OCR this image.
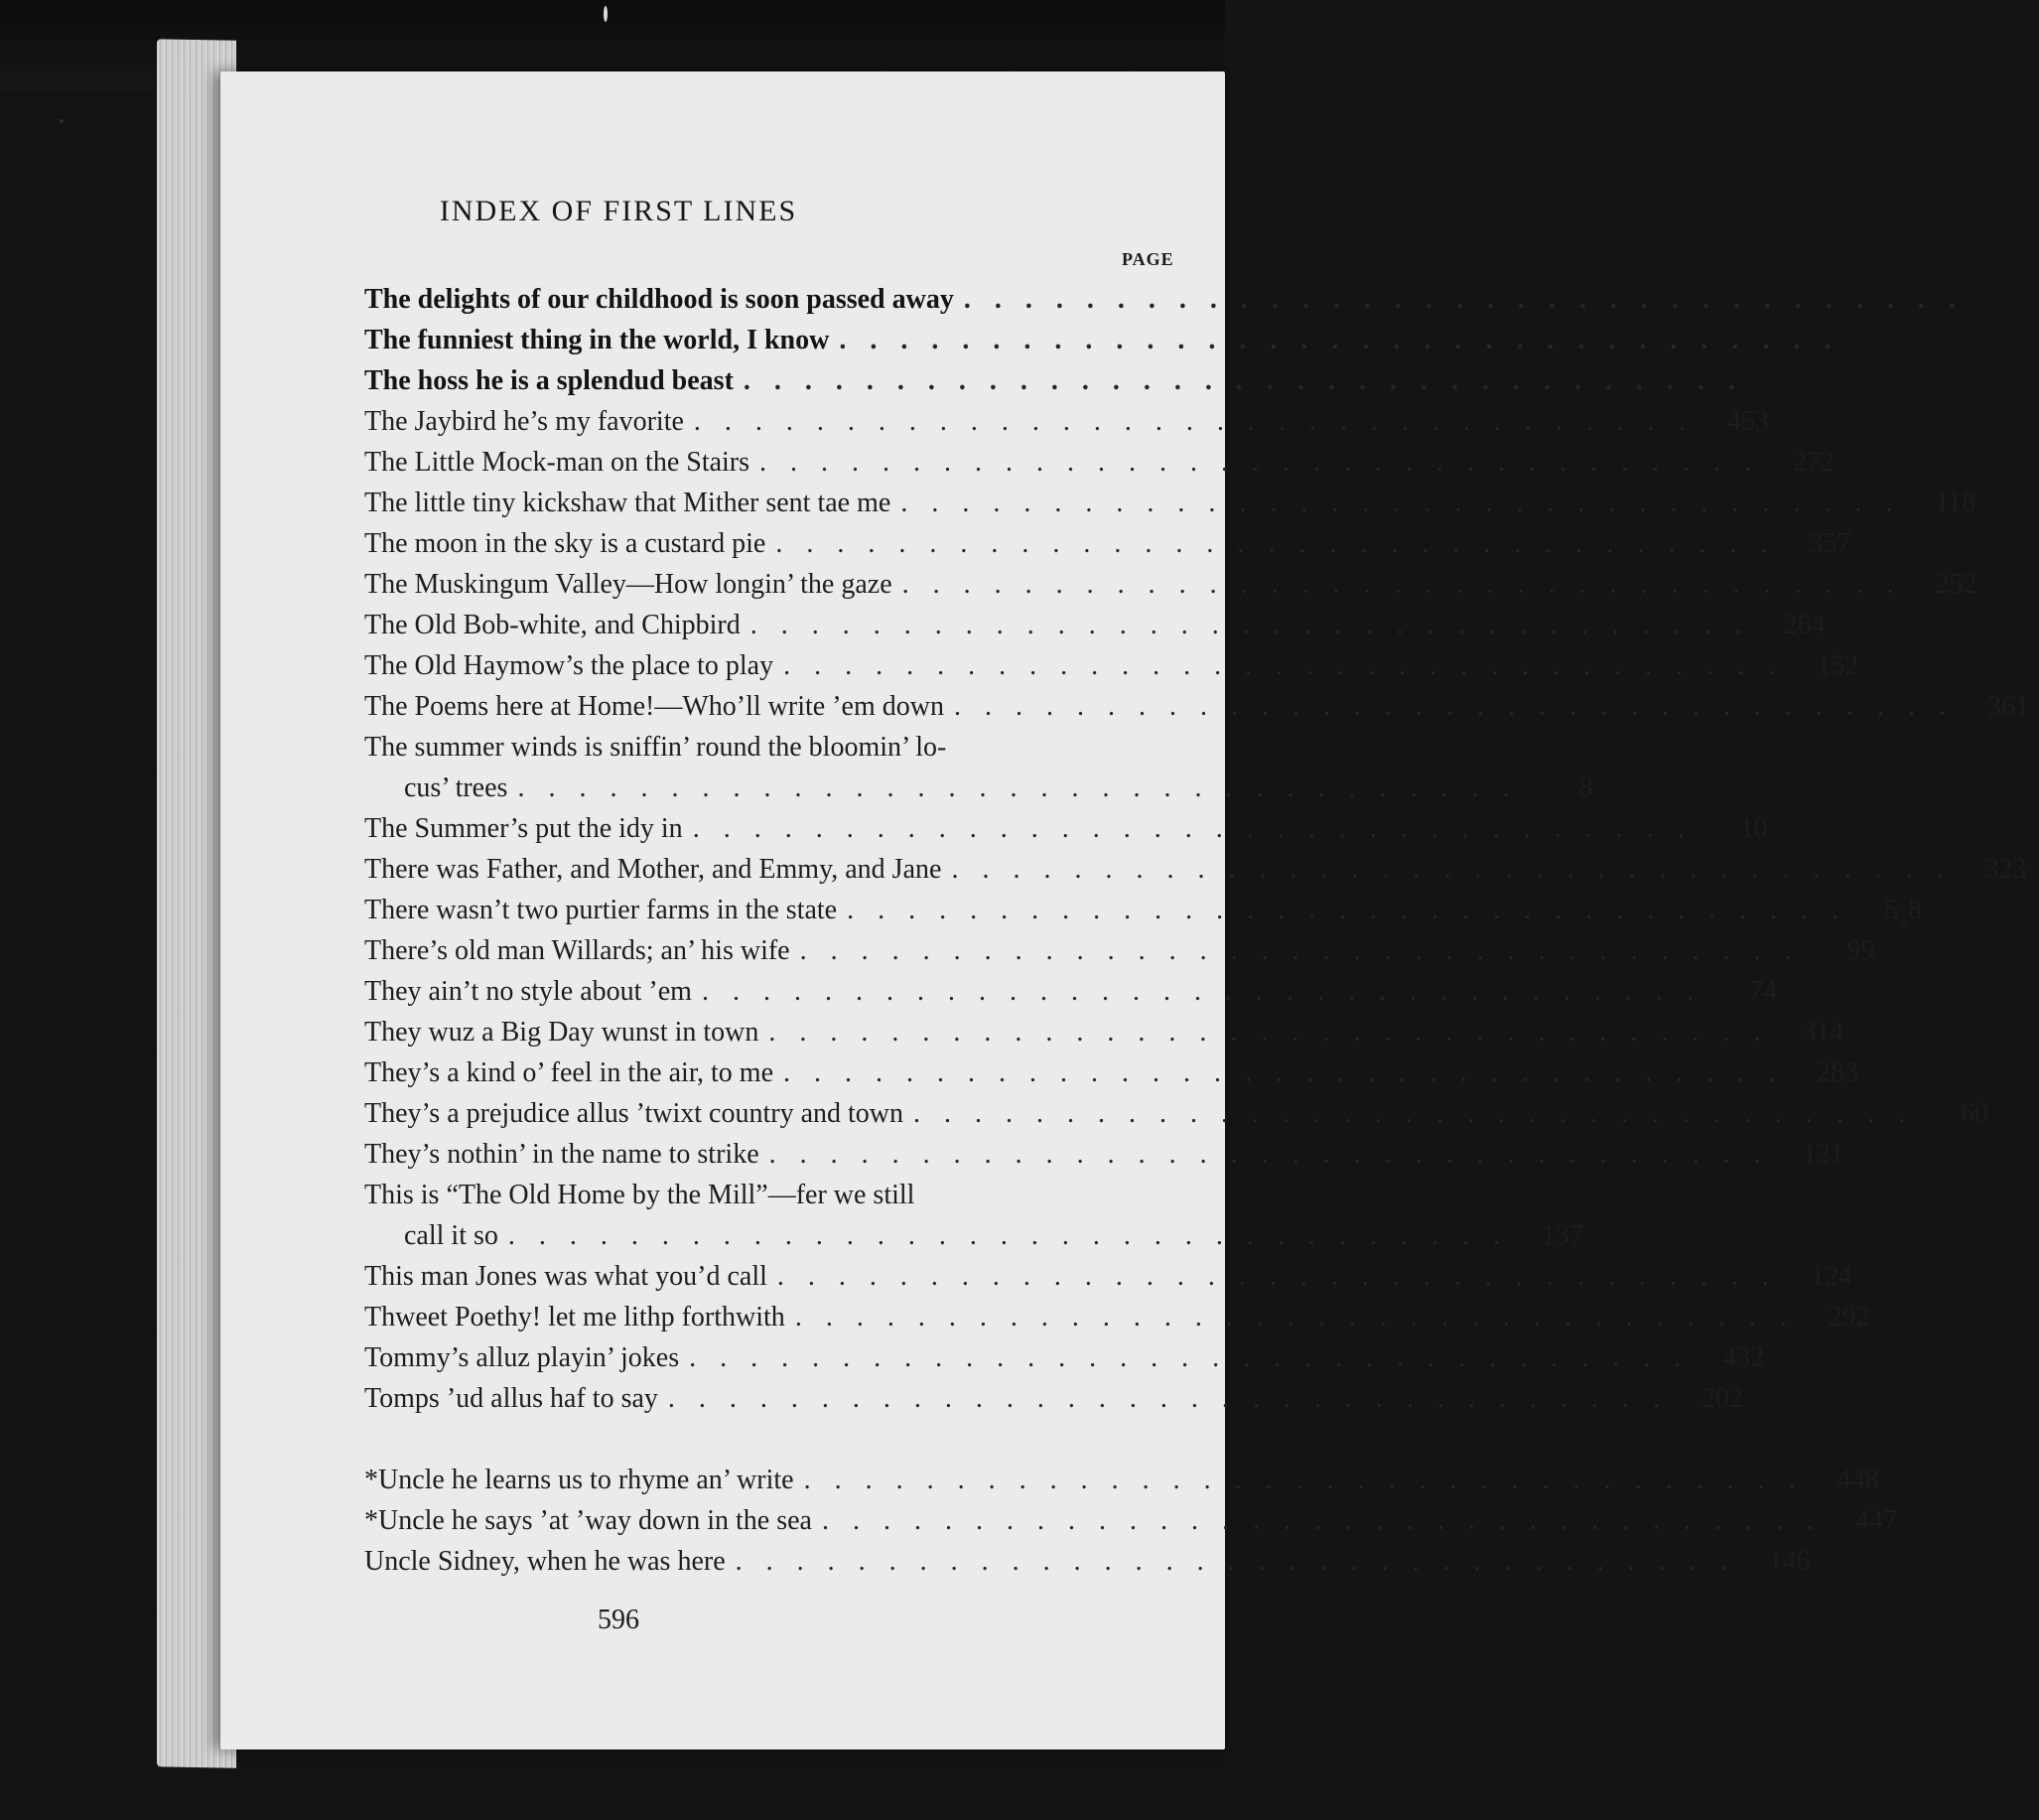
INDEX OF FIRST LINES
PAGE
The delights of our childhood is soon passed away .................................	68
The funniest thing in the world, I know ................................. 16ˬ
The hoss he is a splendud beast .................................	46
The Jaybird he’s my favorite ................................. 453
The Little Mock-man on the Stairs ................................. 272
The little tiny kickshaw that Mither sent tae me ................................. 118
The moon in the sky is a custard pie ................................. 357
The Muskingum Valley—How longin’ the gaze ................................. 252
The Old Bob-white, and Chipbird ................................. 264
The Old Haymow’s the place to play ................................. 152
The Poems here at Home!—Who’ll write ’em down ................................. 361
The summer winds is sniffin’ round the bloomin’ lo-
cus’ trees .................................	8
The Summer’s put the idy in .................................	10
There was Father, and Mother, and Emmy, and Jane ................................. 323
There wasn’t two purtier farms in the state ................................. 5ˬ8
There’s old man Willards; an’ his wife .................................	99
They ain’t no style about ’em .................................	74
They wuz a Big Day wunst in town ................................. 314
They’s a kind o’ feel in the air, to me ................................. 283
They’s a prejudice allus ’twixt country and town .................................	60
They’s nothin’ in the name to strike ................................. 121
This is “The Old Home by the Mill”—fer we still
call it so ................................. 137
This man Jones was what you’d call ................................. 124
Thweet Poethy! let me lithp forthwith ................................. 292
Tommy’s alluz playin’ jokes ................................. 432
Tomps ’ud allus haf to say ................................. 202
*Uncle he learns us to rhyme an’ write ................................. 448
*Uncle he says ’at ’way down in the sea ................................. 447
Uncle Sidney, when he was here ................................. 146
596
